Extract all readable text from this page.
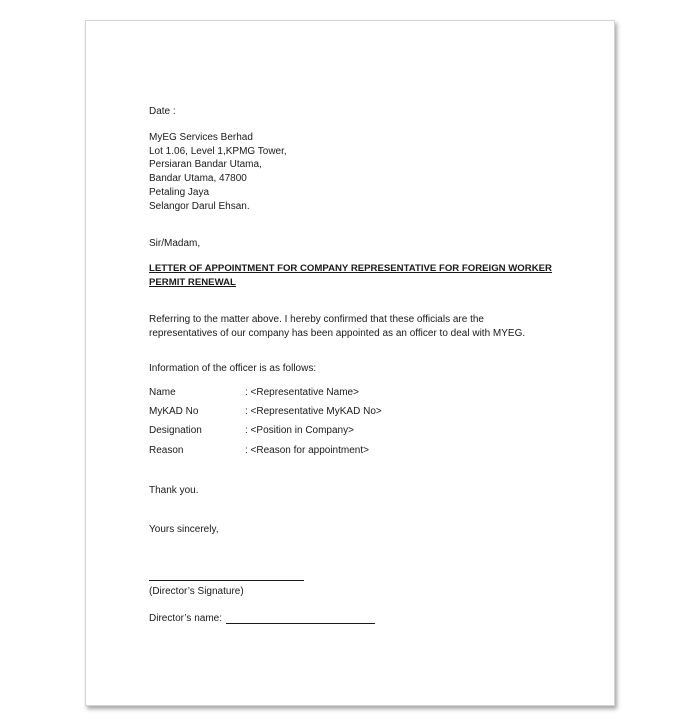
Date :
MyEG Services Berhad
Lot 1.06, Level 1,KPMG Tower,
Persiaran Bandar Utama,
Bandar Utama, 47800
Petaling Jaya
Selangor Darul Ehsan.
Sir/Madam,
LETTER OF APPOINTMENT FOR COMPANY REPRESENTATIVE FOR FOREIGN WORKER
PERMIT RENEWAL
Referring to the matter above. I hereby confirmed that these officials are the
representatives of our company has been appointed as an officer to deal with MYEG.
Information of the officer is as follows:
Name	: <Representative Name>
MyKAD No	: <Representative MyKAD No>
Designation	: <Position in Company>
Reason	: <Reason for appointment>
Thank you.
Yours sincerely,
(Director’s Signature)
Director’s name:
